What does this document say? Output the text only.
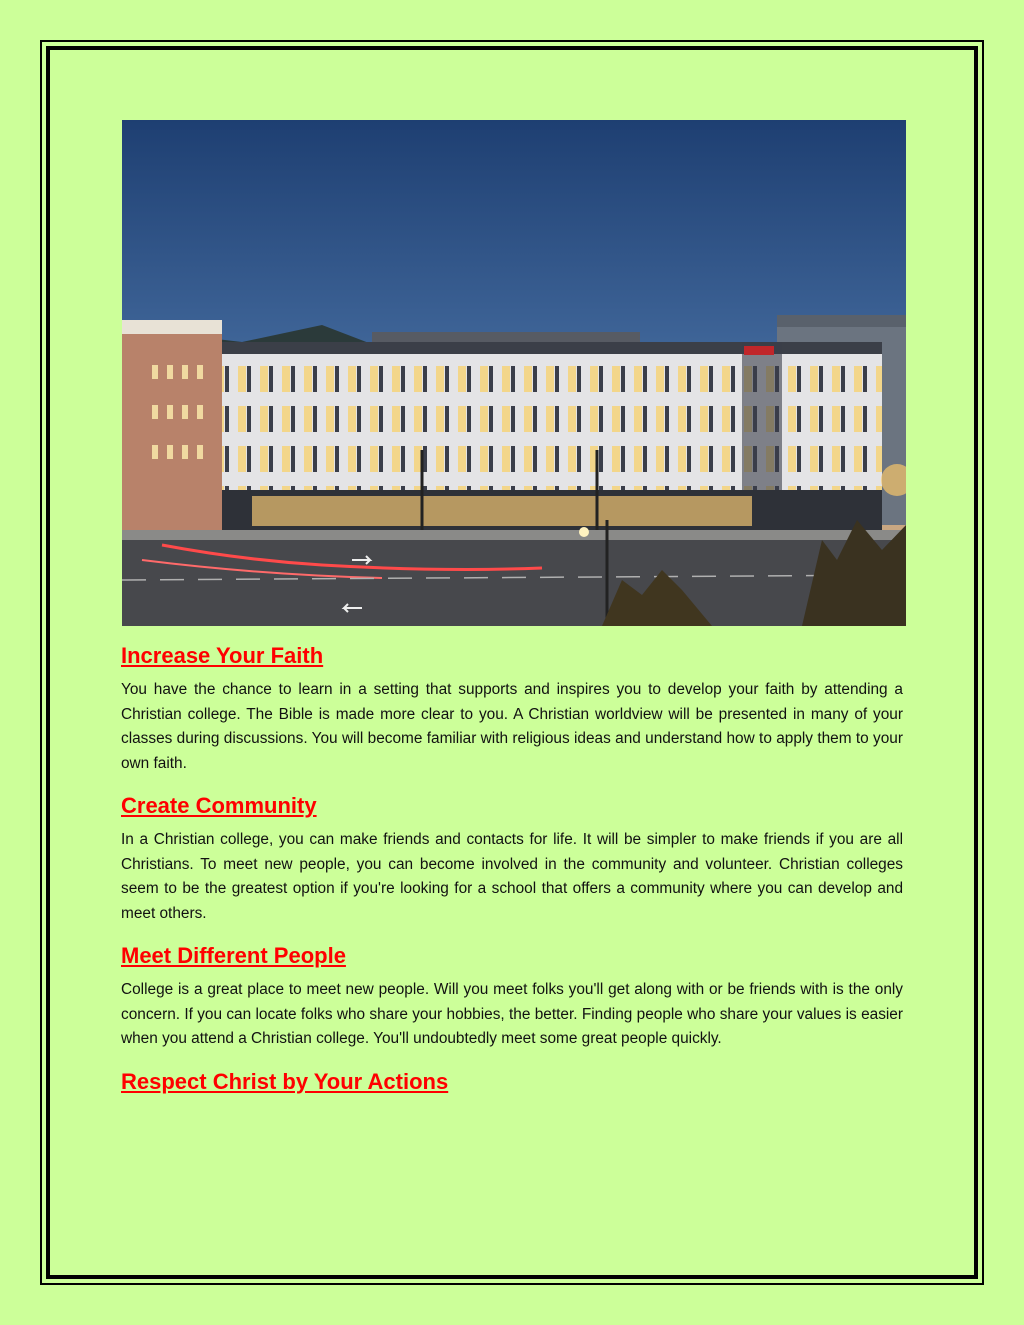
Increase Your Faith

You have the chance to learn in a setting that supports and inspires you to develop your faith by attending a Christian college. The Bible is made more clear to you. A Christian worldview will be presented in many of your classes during discussions. You will become familiar with religious ideas and understand how to apply them to your own faith.

Create Community

In a Christian college, you can make friends and contacts for life. It will be simpler to make friends if you are all Christians. To meet new people, you can become involved in the community and volunteer. Christian colleges seem to be the greatest option if you're looking for a school that offers a community where you can develop and meet others.

Meet Different People

College is a great place to meet new people. Will you meet folks you'll get along with or be friends with is the only concern. If you can locate folks who share your hobbies, the better. Finding people who share your values is easier when you attend a Christian college. You'll undoubtedly meet some great people quickly.

Respect Christ by Your Actions
